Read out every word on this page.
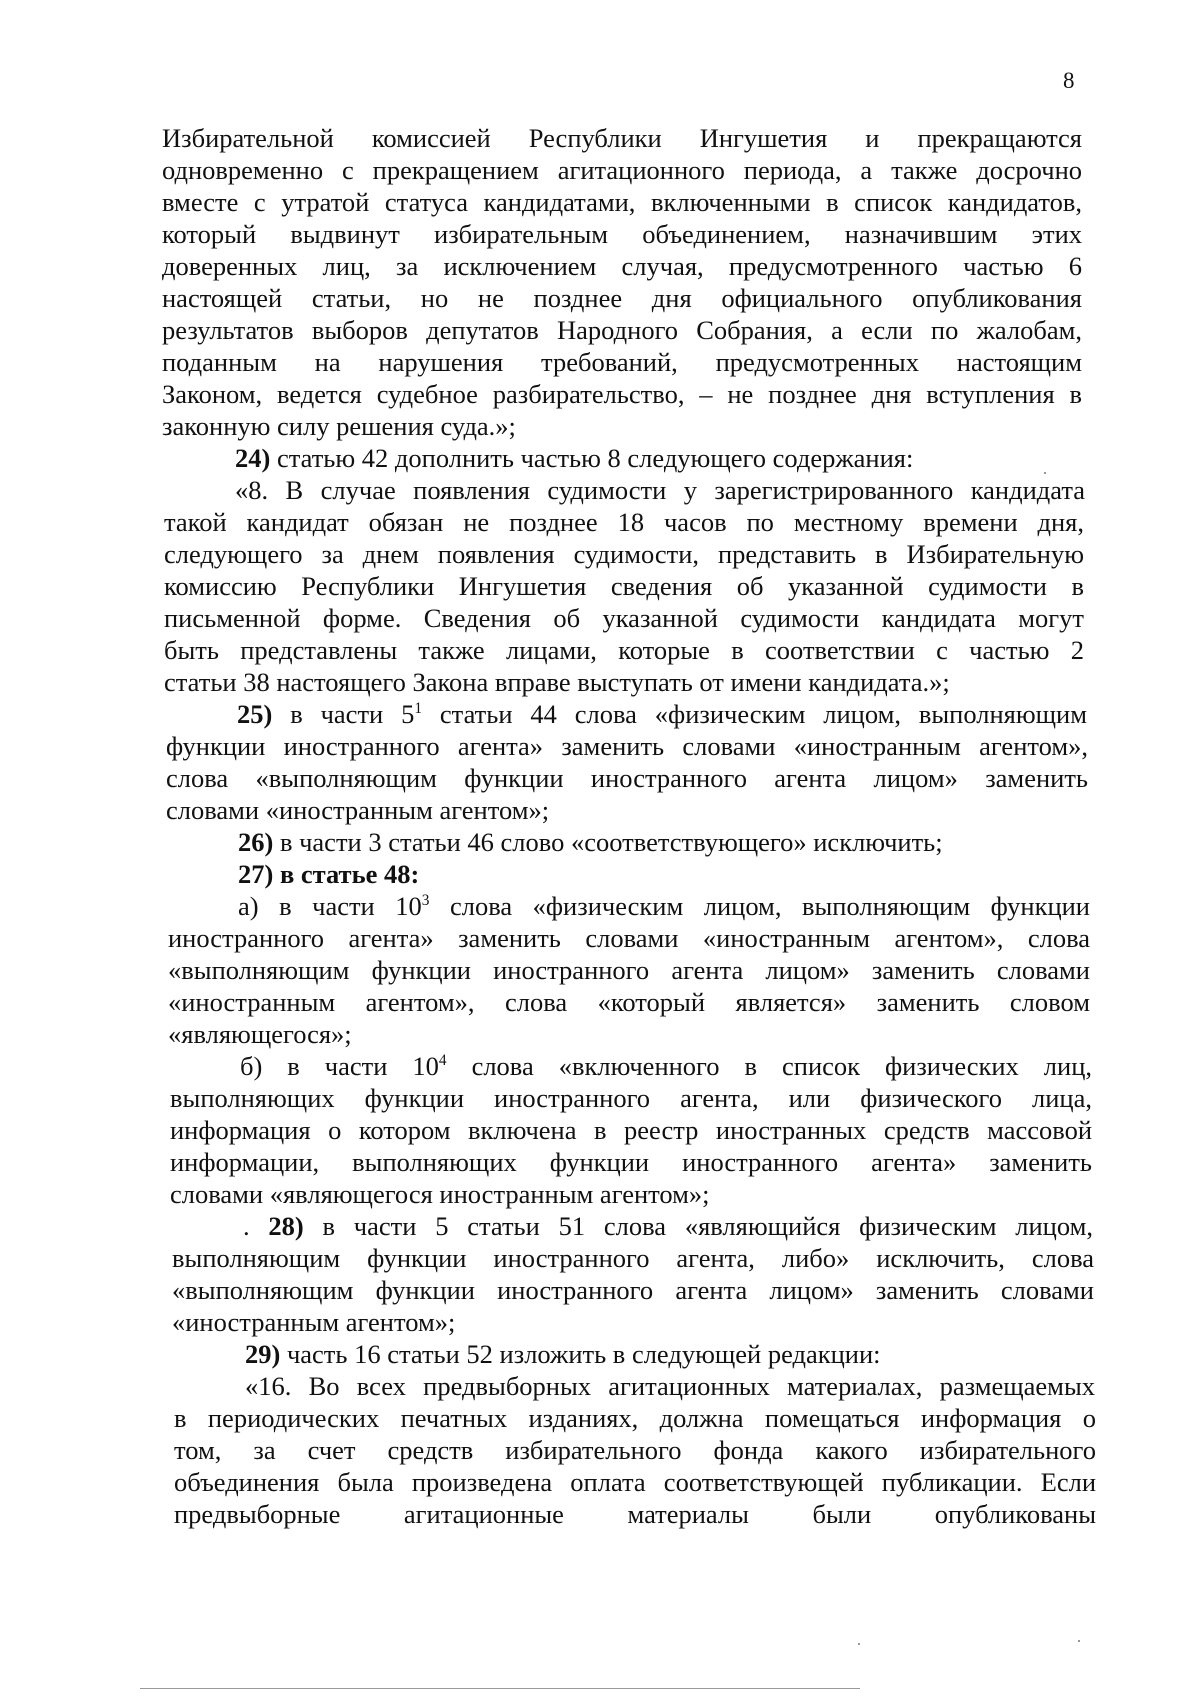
8
Избирательной комиссией Республики Ингушетия и прекращаются
одновременно с прекращением агитационного периода, а также досрочно
вместе с утратой статуса кандидатами, включенными в список кандидатов,
который выдвинут избирательным объединением, назначившим этих
доверенных лиц, за исключением случая, предусмотренного частью 6
настоящей статьи, но не позднее дня официального опубликования
результатов выборов депутатов Народного Собрания, а если по жалобам,
поданным на нарушения требований, предусмотренных настоящим
Законом, ведется судебное разбирательство, – не позднее дня вступления в
законную силу решения суда.»;
24) статью 42 дополнить частью 8 следующего содержания:
«8. В случае появления судимости у зарегистрированного кандидата
такой кандидат обязан не позднее 18 часов по местному времени дня,
следующего за днем появления судимости, представить в Избирательную
комиссию Республики Ингушетия сведения об указанной судимости в
письменной форме. Сведения об указанной судимости кандидата могут
быть представлены также лицами, которые в соответствии с частью 2
статьи 38 настоящего Закона вправе выступать от имени кандидата.»;
25) в части $5^1$ статьи 44 слова «физическим лицом, выполняющим
функции иностранного агента» заменить словами «иностранным агентом»,
слова «выполняющим функции иностранного агента лицом» заменить
словами «иностранным агентом»;
26) в части 3 статьи 46 слово «соответствующего» исключить;
27) в статье 48:
а) в части $10^3$ слова «физическим лицом, выполняющим функции
иностранного агента» заменить словами «иностранным агентом», слова
«выполняющим функции иностранного агента лицом» заменить словами
«иностранным агентом», слова «который является» заменить словом
«являющегося»;
б) в части $10^4$ слова «включенного в список физических лиц,
выполняющих функции иностранного агента, или физического лица,
информация о котором включена в реестр иностранных средств массовой
информации, выполняющих функции иностранного агента» заменить
словами «являющегося иностранным агентом»;
. 28) в части 5 статьи 51 слова «являющийся физическим лицом,
выполняющим функции иностранного агента, либо» исключить, слова
«выполняющим функции иностранного агента лицом» заменить словами
«иностранным агентом»;
29) часть 16 статьи 52 изложить в следующей редакции:
«16. Во всех предвыборных агитационных материалах, размещаемых
в периодических печатных изданиях, должна помещаться информация о
том, за счет средств избирательного фонда какого избирательного
объединения была произведена оплата соответствующей публикации. Если
предвыборные агитационные материалы были опубликованы
